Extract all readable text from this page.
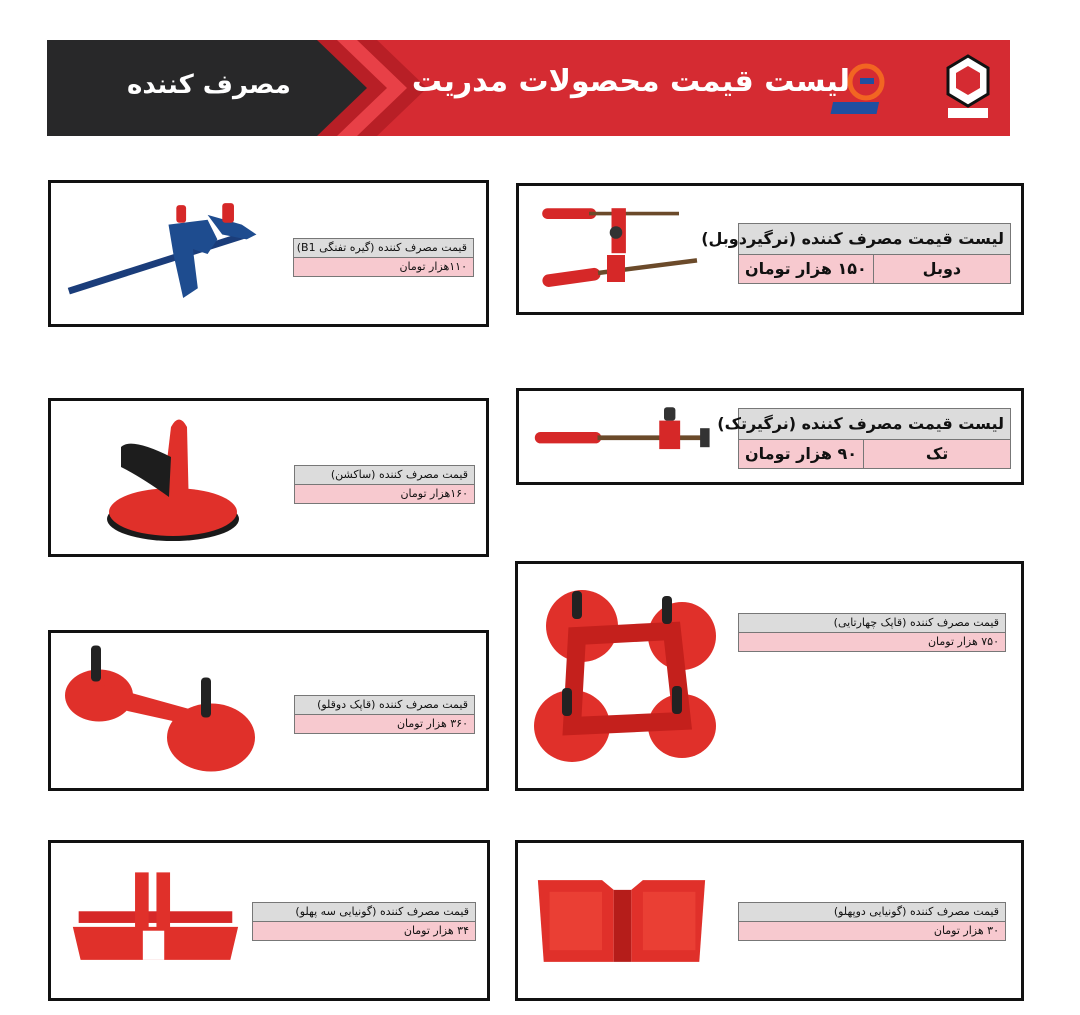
مصرف کننده	لیست قیمت محصولات مدریت
قیمت مصرف کننده (گیره تفنگی B1)
۱۱۰هزار تومان
لیست قیمت مصرف کننده (نرگیردوبل)
دوبل
۱۵۰ هزار تومان
قیمت مصرف کننده (ساکشن)
۱۶۰هزار تومان
لیست قیمت مصرف کننده (نرگیرتک)
تک
۹۰ هزار تومان
قیمت مصرف کننده (قاپک چهارتایی)
۷۵۰ هزار تومان
قیمت مصرف کننده (قاپک دوقلو)
۳۶۰ هزار تومان
قیمت مصرف کننده (گونیایی سه پهلو)
۳۴ هزار تومان
قیمت مصرف کننده (گونیایی دوپهلو)
۳۰ هزار تومان
